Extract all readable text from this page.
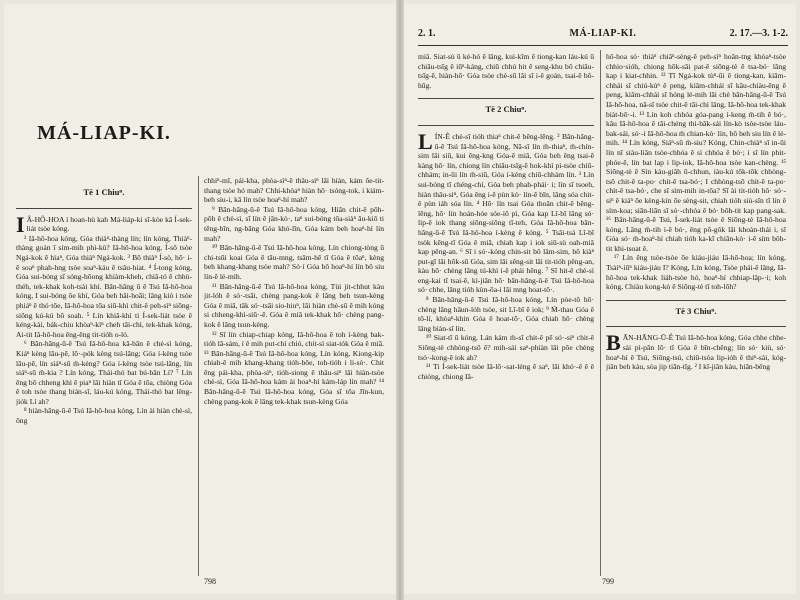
MÁ-LIAP-KI.
Tē 1 Chiuⁿ.

I Â-HÔ-HOA í hoan-hù kah Má-liáp-ki sī-kòe kā Í-sek-liát tsòe kóng.

² Iâ-hô-hoa kóng, Góa thiàⁿ-thàng lín; lín kóng, Thiàⁿ-thàng goán ī sím-mih phì-kù? Iâ-hô-hoa kóng, Í-sō tsòe Ngá-kok ê hiaⁿ, Góa thiàⁿ Ngá-kok. ³ Bô thiàⁿ Í-sò, hō· i-ê soaⁿ phah-hng tsòe soaⁿ-káu ê tsâu-hiat. ⁴ Í-tong kóng, Góa sui-bóng sī sóng-hōong khiàm-kheh, chiâ-tó ê chhù-théh, tek-khak koh-tsài khí. Bān-hāng ū ê Tsú Iâ-hô-hoa kóng, I sui-bóng ōe khí, Góa beh hâi-hoāi; lâng kiò i tsòe phiáⁿ ê thó·tōe, Iâ-hô-hoa tōa siū-khì chit-ê peh-sìⁿ siōng-siōng kú-kú bô soah. ⁵ Lín khiâ-khì ti Í-sek-liát tsòe ê kéng-kài, bák-chiu khòaⁿ-kìⁿ cheh tāi-chì, tek-khak kóng, Ai-tit Iâ-hô-hoa êng-êng tit-tióh o-ló.

⁶ Bān-hāng-ū-ê Tsú Iâ-hô-hoa kā-bān ê chè-sì kóng, Kiáⁿ kèng lāu-pē, lô·-pók kèng tsú-lâng; Góa í-kèng tsòe lāu-pē, lín siáⁿ-sū m̄-kèng? Góa í-kèng tsòe tsú-lâng, lín siáⁿ-sū m̄-kia ? Lín kóng, Thái-thó bat bú-bān Lí? ⁷ Lín êng bô chheng khì ê piaⁿ lâi hiàn tī Góa ê tōa, chiòng Góa ê toh tsòe thang bián-sī, láu-kú kóng, Thái-thó bat lêng-jiók Lí ah?

⁸ hiàn-hāng-ū-ê Tsú Iâ-hô-hoa kóng, Lín ài hiàn chè-sì, ōng

chhiⁿ-mî, pái-kha, phòa-sìⁿ-ê thâu-siⁿ lâi hiàn, kám ōe-tit-thang tsòe hó mah? Chhi-khòaⁿ hiàn hō· tsóng-tok, i kiám-beh siu-i, kâ lín tsòe hoaⁿ-hí mah?

⁹ Bān-hāng-ū-ê Tsú Iâ-hô-hoa kóng, Hiān chit-ê pôh-pôh ê chè-sì, sī lín ê jân-kò·, taⁿ sui-bóng tōa-siàⁿ āu-kiô ti tēng-bīn, ng-bāng Góa khó-lîn, Góa kám beh hoaⁿ-hí lín mah?

¹⁰ Bān-hāng-ū-ê Tsú Iâ-hô-hoa kóng, Lín chiong-tòng ū chi-tsūi koai Góa ê tāu-mng, tsâm-hē tī Góa ê tōaⁿ, kèng beh khang-khang tsòe mah? Só·í Góa bô hoaⁿ-hí lín bô siu lín-ê lé-mih.

¹¹ Bān-hāng-ū-ê Tsú Iâ-hô-hoa kóng, Tùi jit-chhut kàu jit-lóh ê só·-tsāi, chèng pang-kok ê lâng beh tsun-kèng Góa ê miâ, tāk só·-tsāi sio-hiuⁿ, lâi hiàn chè-sū ê mih kóng si chheng-khì-siū·-ê. Góa ê miâ tek-khak hō· chèng pang-kok ê lâng tsun-kèng.

¹² Sī lín chiap-chiap kóng, Iâ-hô-hoa ê toh í-kèng bak-tióh lâ-sám, í ê mih put-chí chió, chit-sì siat-tók Góa ê miâ. ¹³ Bān-hāng-ū-ê Tsú Iâ-hô-hoa kóng, Lín kóng, Kiong-kip chiah-ê mih khang-khang tióh-bôe, toh-tióh i li-sò·. Chit ēng pái-kha, phòa-sìⁿ, tióh-siong ê thâu-siⁿ lâi hiàn-tsòe chè-sì, Góa Iâ-hô-hoa kám ài hoaⁿ-hí kám-láp lín mah? ¹⁴ Bān-hāng-ū-ê Tsú Iâ-hô-hoa kóng, Góa sī tōa Jîn-kun, chèng pang-kok ê lâng tek-khak tsun-kèng Góa

798
2. 1.	MÁ-LIAP-KI.	2. 17.—3. 1-2.

miâ. Siat-sù ū ké-hó ê lâng, kui-kîm ê tiong-kan láu-kú ū chiâu-tsīg ê iūⁿ-káng, chiū chhú hit ê seng-khu bô chiâu-tsīg-ê, hiàn-hō· Góa tsòe chè-sū lâi sī i-ê goán, tsai-ê bô-hūg.

Tē 2 Chiuⁿ.

LÍN-Ê chè-sī tióh thiaⁿ chit-ê bêng-lēng. ² Bān-hāng-ū-ê Tsú Iâ-hô-hoa kóng, Nā-sī lín m̄-thiaⁿ, m̄-chín-sim lâi siū, kui êng-kng Góa-ê miâ, Góa beh êng tsai-ē kàng hō· lín, chiong lín chiâu-tsīg-ê hok-khì pì-tsòe chiū-chhám; in-ūi lín m̄-siū, Góa í-kèng chiū-chhám lín. ³ Lín sui-bóng tī chéng-chí, Góa beh phah-phái· i; lín sī tsoeh, hiàn thâu-siⁿ, Góa êng i-ê pùn kò· lín-ê bīn, lâng sóa chit-ê pùn iáh sóa lín. ⁴ Hō· lín tsai Góa thoân chit-ê bêng-lēng, hō· lín hoán-hóe sóe-iō pì, Góa kap Lī-bī lâng só· lip-ê iok thang siōng-siōng tī-teh, Góa Iâ-hô-hoa bān-hāng-ū-ê Tsú Iâ-hô-hoa í-kèng ê kóng. ⁵ Tsâi-tsá Lī-bī tsòk kēng-tī Góa ê miâ, chiah kap i iok siū-sù oah-miâ kap pêng-an. ⁶ Sī i só·-kóng chin-sit bô lâm-sim, bô kiàⁿ put-gī lâi hōk-sū Góa, sim lâi sêng-sit lâi tit-tióh pêng-an, kàu hō· chèng lâng tú-khì i-ê phái hêng. ⁷ Sī hit-ê chè-sì eng-kai tī tsai-ê, kì-jiân hō· bān-hāng-ū-ê Tsú Iâ-hô-hoa só· chhe, lâng tióh kùn-ōa-i lâi mng hoat-tō·.

⁸ Bān-hāng-ū-ê Tsú Iâ-hô-hoa kóng, Lín pòe-tô hō· chèng lâng hāun-lóh tsòe, sit Lī-bī ê iok; ⁹ M̄-thau Góa ê tō-lí, khòaⁿ-khin Góa ê hoat-tō·, Góa chiah hō· chèng lâng biàn-sī lín.

¹⁰ Siat-tī ū kóng, Lán kám m̄-sī chit-ê pē só·-siⁿ chit-ê Siōng-tè chhòng-tsō ê? mih-sái saⁿ-phiàn lâi pōe chèng tsó·-kong-ê iok ah?

¹¹ Ti Í-sek-liát tsòe Iâ-lō·-sat-léng ê saⁿ, lâi khó·-ê ê ê chióng, chiong Iâ-

hô-hoa só· thiàⁿ chiâⁿ-sèng-ê peh-sìⁿ hoân-tng khòaⁿ-tsòe chhio·sióh, chiong hōk-sāi pat-ê siōng-tè ê tsa-bó· lâng kap i kiat-chhin. ¹² Tī Ngá-kok tùⁿ-ūi ê tiong-kan, kiâm-chhái sī chiú-kùⁿ ê peng, kiâm-chhái sī kāu-chiàu-ēng ê peng, kiâm-chhái sī hóng lé-mih lâi chè bān-hāng-ū-ê Tsú Iâ-hô-hoa, nā-sī tsòe chit-ê tāi-chì lâng, Iâ-hô-hoa tek-khak biàt-bō·-i. ¹³ Lín koh chhóa góa-pang í-keng m̄-tih ê bó·, kâu Iâ-hô-hoa ê tâi-chéng thi-bāk-sái lín-kò tsòe-tsòe láu-bak-sái, só·-í Iâ-hô-hoa m̄ chian-kò· lín, bô beh siu lín ê lé-mih. ¹⁴ Lín kóng, Siáⁿ-sū m̄-siu? Kóng, Chin-chiàⁿ sī in-ūi lín nī siàu-liân tsòe-chhóa ê sì chhóa ê bó·; i sī lín phit-phóe-ê, lín bat lap i lip-iok, Iâ-hô-hoa tsòe kan-chèng. ¹⁵ Siōng-tè ē Sìn kàu-giâh ū-chhun, iàu-kú tōk-tōk chhòng-tsō chit-ê ta-po· chit-ê tsa-bó·; I chhòng-tsō chit-ê ta-po· chit-ê tsa-bó·, che sī sím-mih in-tōa? Sī ài tit-tióh hô· só·-siⁿ ê kiáⁿ ōe kèng-kín ōe sèng-sit, chiah tióh siù-sīn tī lín ê sím-koa; siān-liān sī só·-chhóa ê bó· bôh-tit kap pang-sak. ¹⁶ Bān-hāng-ū-ê Tsú, Í-sek-liát tsòe ê Siōng-tè Iâ-hô-hoa kóng, Lâng m̄-tih i-ê bó·, êng pō-gôk lâi khoàn-thái i, sī Góa só· m̄-hoaⁿ-hí chiah tióh ka-kī chiân-kò· i-ê sím bôh-tit khi-tsoat ê.

¹⁷ Lín êng tsòe-tsòe ōe kiáu-jiáu Iâ-hô-hoa; lín kóng, Tsàiⁿ-iūⁿ kiáu-jiáu I? Kóng, Lín kóng, Tsòe phái-ê lâng, Iâ-hô-hoa tek-khak liáh-tsòe hó, hoaⁿ-hí chhiap-lâp-·i; koh kóng, Chiàu kong-kò ê Siōng-tè tī toh-lōh?

Tē 3 Chiuⁿ.

BĀN-HĀNG-Ū-Ê Tsú Iâ-hô-hoa kóng, Góa chhe chhe-sài pì-pān lō· tī Góa ê bīn-chêng; lín só· kiù, só· hoaⁿ-hí ê Tsú, Siōng-tsú, chiū-tsòa lip-ióh ê thiⁿ-sài, kóg-jiân beh kàu, sòa jip tiān-tīg. ² I kī-jiân kàu, hiān-bêng

799
